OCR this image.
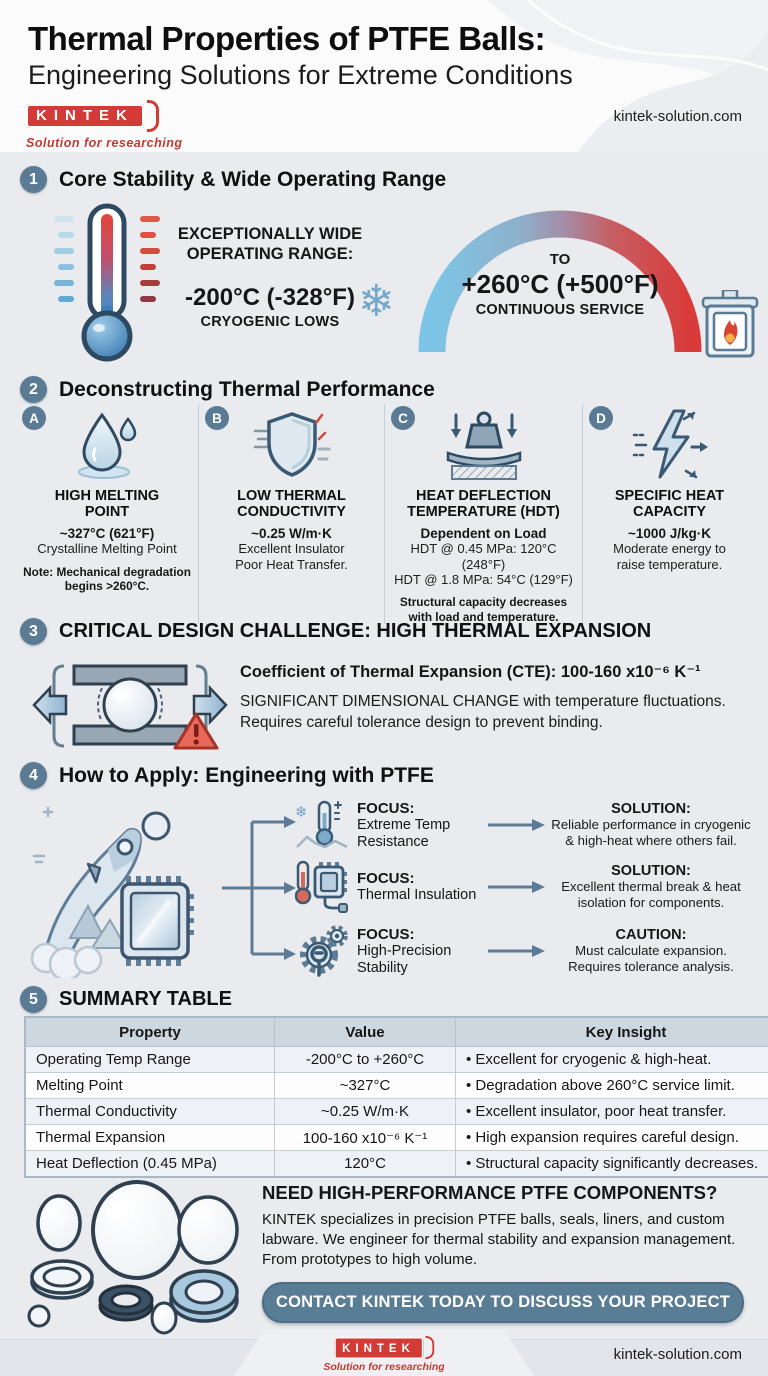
Thermal Properties of PTFE Balls:
Engineering Solutions for Extreme Conditions
KINTEK
Solution for researching
kintek-solution.com
1	Core Stability & Wide Operating Range
EXCEPTIONALLY WIDE OPERATING RANGE:
-200°C (-328°F)
CRYOGENIC LOWS ❄
TO
+260°C (+500°F)
CONTINUOUS SERVICE
2	Deconstructing Thermal Performance
A
HIGH MELTING POINT
~327°C (621°F)
Crystalline Melting Point
Note: Mechanical degradation begins >260°C.
B
LOW THERMAL CONDUCTIVITY
~0.25 W/m·K
Excellent Insulator
Poor Heat Transfer.
C
HEAT DEFLECTION TEMPERATURE (HDT)
Dependent on Load
HDT @ 0.45 MPa: 120°C (248°F)
HDT @ 1.8 MPa: 54°C (129°F)
Structural capacity decreases with load and temperature.
D
SPECIFIC HEAT CAPACITY
~1000 J/kg·K
Moderate energy to
raise temperature.
3	CRITICAL DESIGN CHALLENGE: HIGH THERMAL EXPANSION
Coefficient of Thermal Expansion (CTE): 100-160 x10⁻⁶ K⁻¹
SIGNIFICANT DIMENSIONAL CHANGE with temperature fluctuations.
Requires careful tolerance design to prevent binding.
4	How to Apply: Engineering with PTFE
❄	FOCUS:
Extreme Temp Resistance
SOLUTION:
Reliable performance in cryogenic & high-heat where others fail.
FOCUS:
Thermal Insulation
SOLUTION:
Excellent thermal break & heat isolation for components.
FOCUS:
High-Precision Stability
CAUTION:
Must calculate expansion. Requires tolerance analysis.
5	SUMMARY TABLE
Property	Value	Key Insight
Operating Temp Range	-200°C to +260°C	• Excellent for cryogenic & high-heat.
Melting Point	~327°C	• Degradation above 260°C service limit.
Thermal Conductivity	~0.25 W/m·K	• Excellent insulator, poor heat transfer.
Thermal Expansion	100-160 x10⁻⁶ K⁻¹	• High expansion requires careful design.
Heat Deflection (0.45 MPa)	120°C	• Structural capacity significantly decreases.
NEED HIGH-PERFORMANCE PTFE COMPONENTS?
KINTEK specializes in precision PTFE balls, seals, liners, and custom labware. We engineer for thermal stability and expansion management. From prototypes to high volume.
CONTACT KINTEK TODAY TO DISCUSS YOUR PROJECT
KINTEK
Solution for researching
kintek-solution.com
